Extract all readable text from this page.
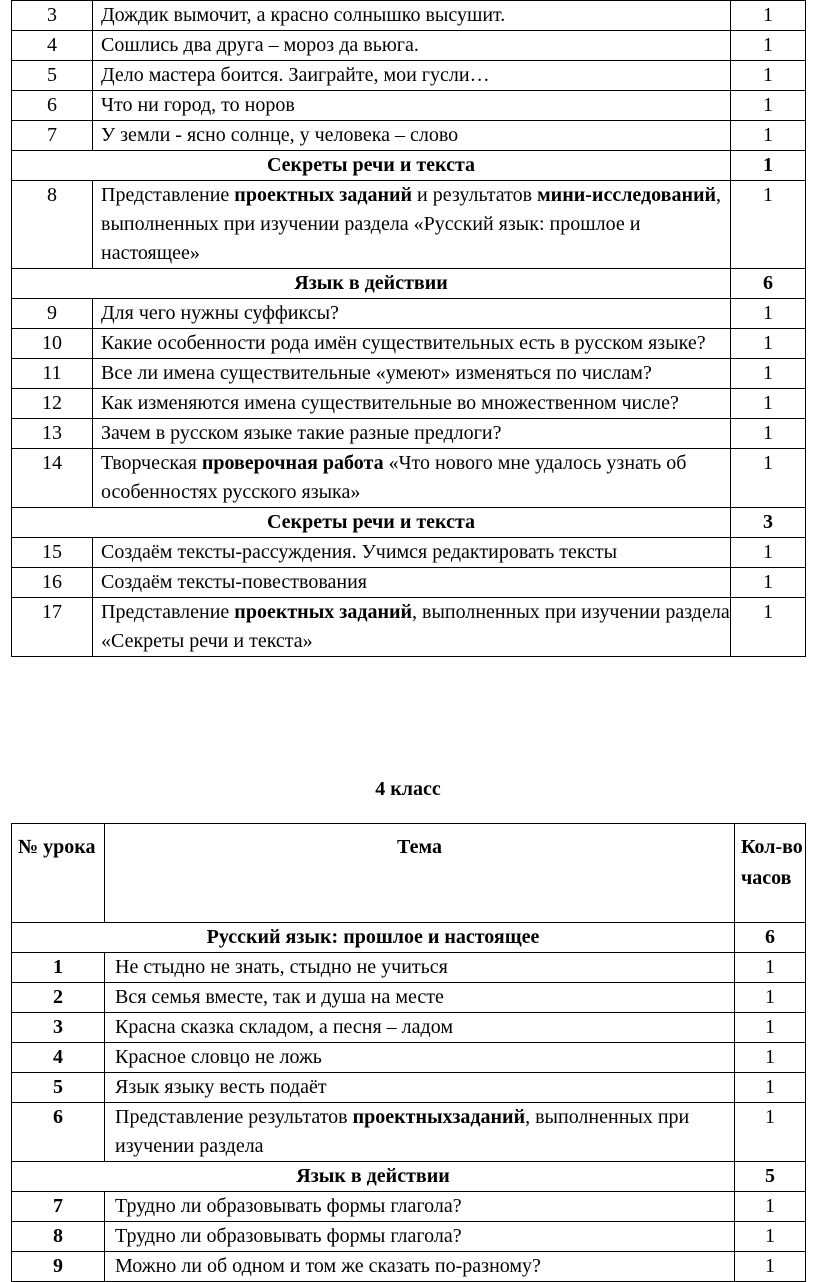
3	Дождик вымочит, а красно солнышко высушит.	1
4	Сошлись два друга – мороз да вьюга.	1
5	Дело мастера боится. Заиграйте, мои гусли…	1
6	Что ни город, то норов	1
7	У земли - ясно солнце, у человека – слово	1
Секреты речи и текста		1
8	Представление проектных заданий и результатов мини-исследований, выполненных при изучении раздела «Русский язык: прошлое и настоящее»	1
Язык в действии		6
9	Для чего нужны суффиксы?	1
10	Какие особенности рода имён существительных есть в русском языке?	1
11	Все ли имена существительные «умеют» изменяться по числам?	1
12	Как изменяются имена существительные во множественном числе?	1
13	Зачем в русском языке такие разные предлоги?	1
14	Творческая проверочная работа «Что нового мне удалось узнать об особенностях русского языка»	1
Секреты речи и текста		3
15	Создаём тексты-рассуждения. Учимся редактировать тексты	1
16	Создаём тексты-повествования	1
17	Представление проектных заданий, выполненных при изучении раздела «Секреты речи и текста»	1
4 класс
№ урока	Тема	Кол-во часов
Русский язык: прошлое и настоящее		6
1	Не стыдно не знать, стыдно не учиться	1
2	Вся семья вместе, так и душа на месте	1
3	Красна сказка складом, а песня – ладом	1
4	Красное словцо не ложь	1
5	Язык языку весть подаёт	1
6	Представление результатов проектныхзаданий, выполненных при изучении раздела	1
Язык в действии		5
7	Трудно ли образовывать формы глагола?	1
8	Трудно ли образовывать формы глагола?	1
9	Можно ли об одном и том же сказать по-разному?	1
